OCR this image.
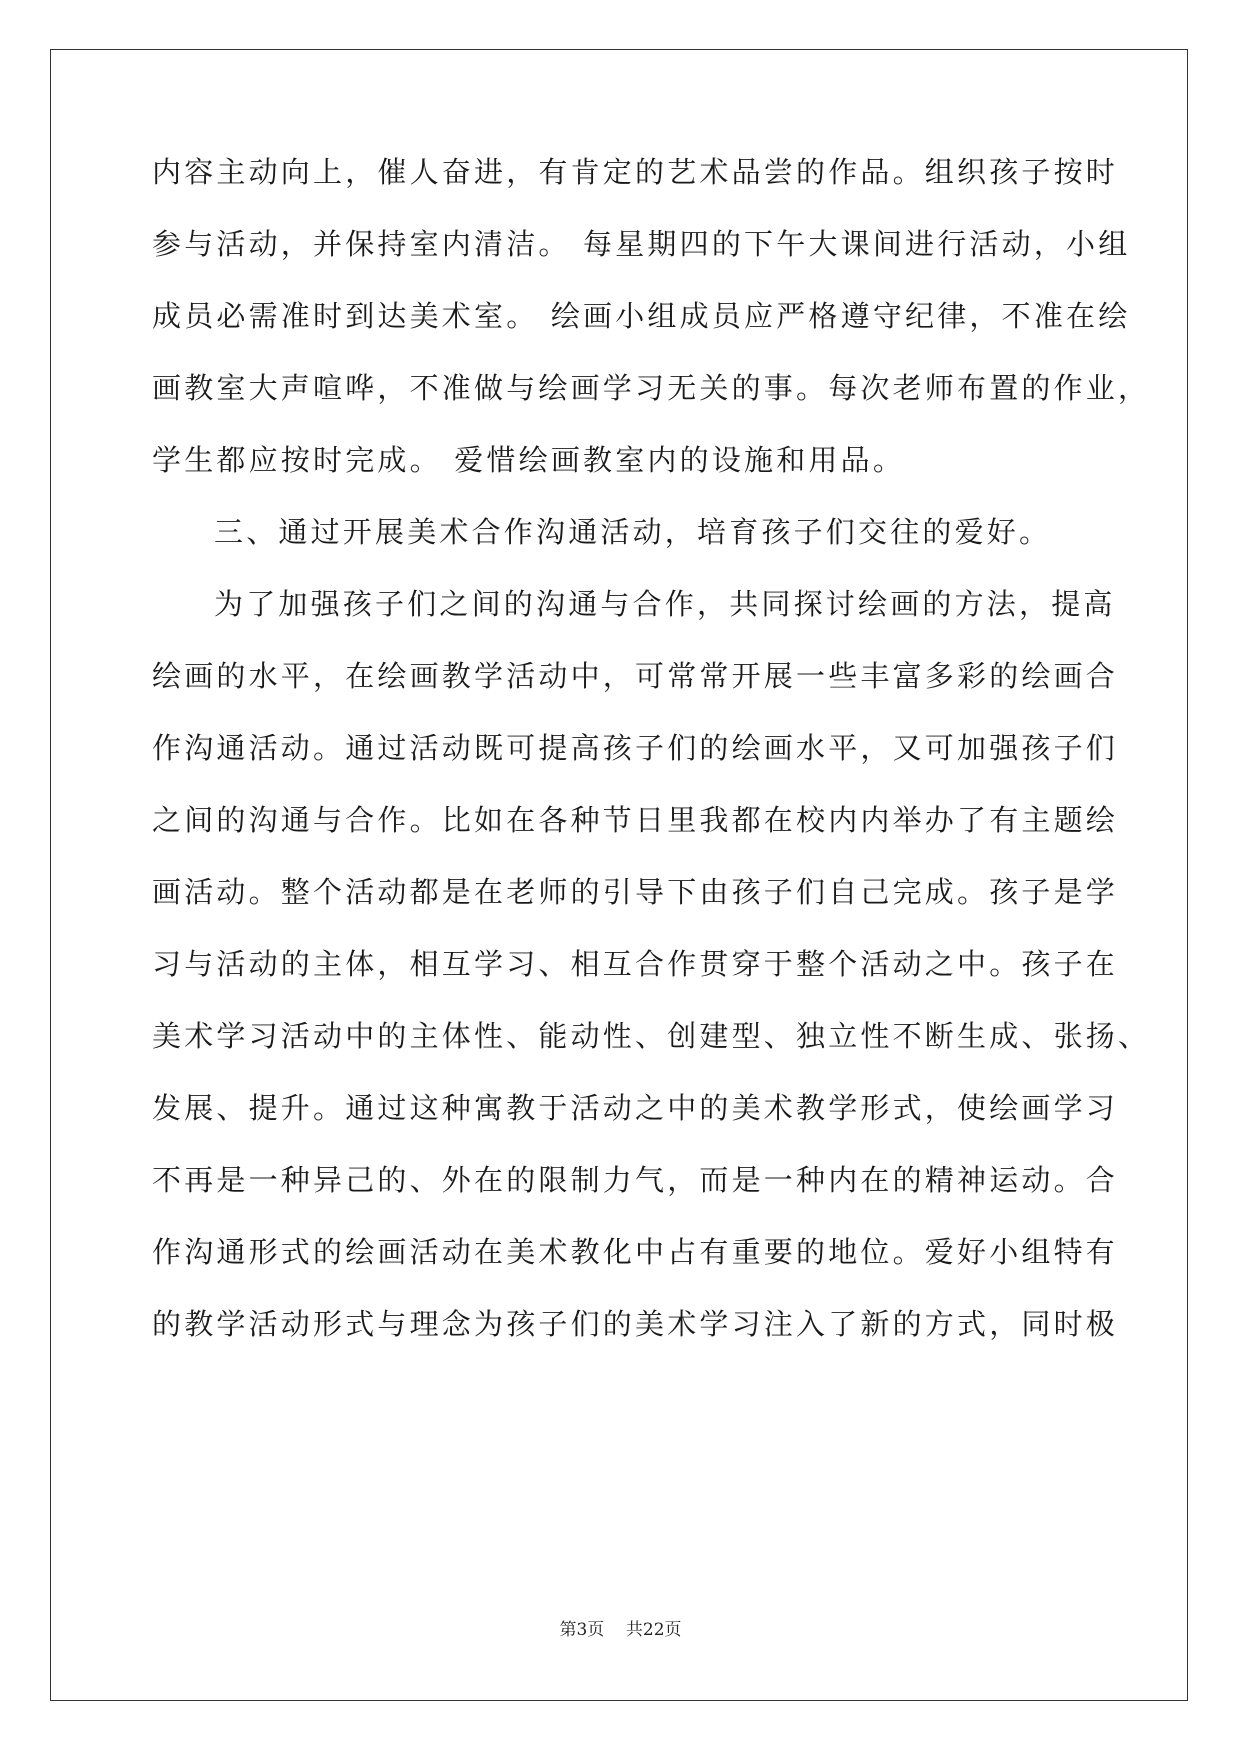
内容主动向上，催人奋进，有肯定的艺术品尝的作品。组织孩子按时
参与活动，并保持室内清洁。 每星期四的下午大课间进行活动，小组
成员必需准时到达美术室。 绘画小组成员应严格遵守纪律，不准在绘
画教室大声喧哗，不准做与绘画学习无关的事。每次老师布置的作业，
学生都应按时完成。 爱惜绘画教室内的设施和用品。
三、通过开展美术合作沟通活动，培育孩子们交往的爱好。
为了加强孩子们之间的沟通与合作，共同探讨绘画的方法，提高
绘画的水平，在绘画教学活动中，可常常开展一些丰富多彩的绘画合
作沟通活动。通过活动既可提高孩子们的绘画水平，又可加强孩子们
之间的沟通与合作。比如在各种节日里我都在校内内举办了有主题绘
画活动。整个活动都是在老师的引导下由孩子们自己完成。孩子是学
习与活动的主体，相互学习、相互合作贯穿于整个活动之中。孩子在
美术学习活动中的主体性、能动性、创建型、独立性不断生成、张扬、
发展、提升。通过这种寓教于活动之中的美术教学形式，使绘画学习
不再是一种异己的、外在的限制力气，而是一种内在的精神运动。合
作沟通形式的绘画活动在美术教化中占有重要的地位。爱好小组特有
的教学活动形式与理念为孩子们的美术学习注入了新的方式，同时极
第3页 共22页
